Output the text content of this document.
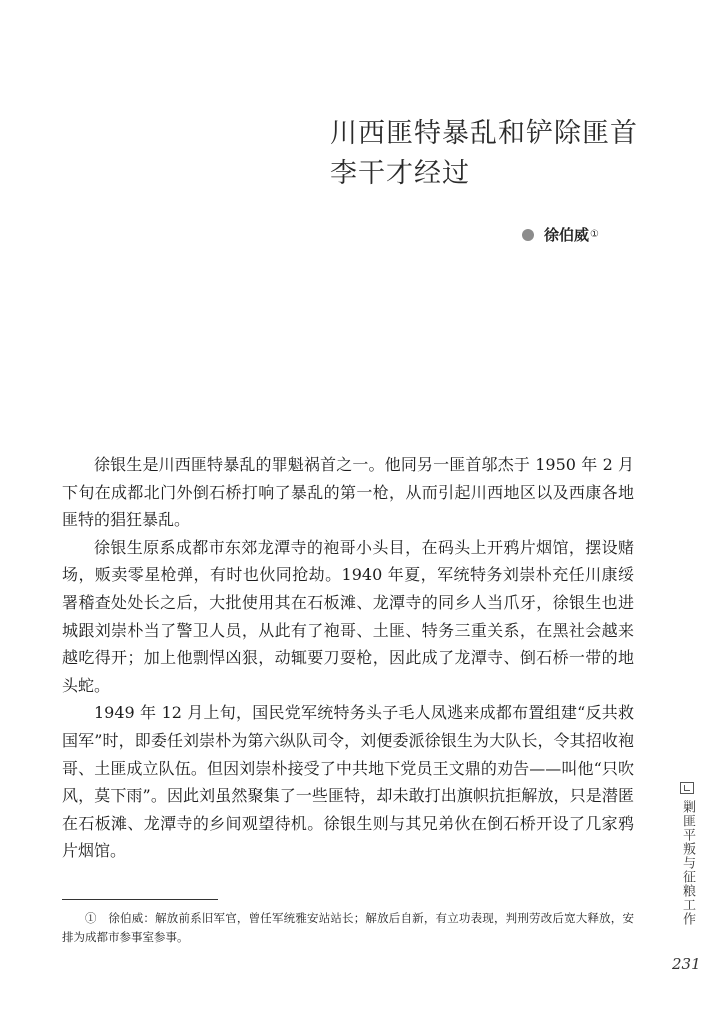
川西匪特暴乱和铲除匪首
李干才经过
徐伯威 ①

徐银生是川西匪特暴乱的罪魁祸首之一。他同另一匪首邬杰于 1950 年 2 月下旬在成都北门外倒石桥打响了暴乱的第一枪，从而引起川西地区以及西康各地匪特的猖狂暴乱。

徐银生原系成都市东郊龙潭寺的袍哥小头目，在码头上开鸦片烟馆，摆设赌场，贩卖零星枪弹，有时也伙同抢劫。1940 年夏，军统特务刘崇朴充任川康绥署稽查处处长之后，大批使用其在石板滩、龙潭寺的同乡人当爪牙，徐银生也进城跟刘崇朴当了警卫人员，从此有了袍哥、土匪、特务三重关系，在黑社会越来越吃得开；加上他剽悍凶狠，动辄要刀耍枪，因此成了龙潭寺、倒石桥一带的地头蛇。

1949 年 12 月上旬，国民党军统特务头子毛人凤逃来成都布置组建“反共救国军”时，即委任刘崇朴为第六纵队司令，刘便委派徐银生为大队长，令其招收袍哥、土匪成立队伍。但因刘崇朴接受了中共地下党员王文鼎的劝告——叫他“只吹风，莫下雨”。因此刘虽然聚集了一些匪特，却未敢打出旗帜抗拒解放，只是潜匿在石板滩、龙潭寺的乡间观望待机。徐银生则与其兄弟伙在倒石桥开设了几家鸦片烟馆。

①　徐伯威：解放前系旧军官，曾任军统雅安站站长；解放后自新，有立功表现，判刑劳改后宽大释放，安排为成都市参事室参事。
剿匪平叛与征粮工作
231
